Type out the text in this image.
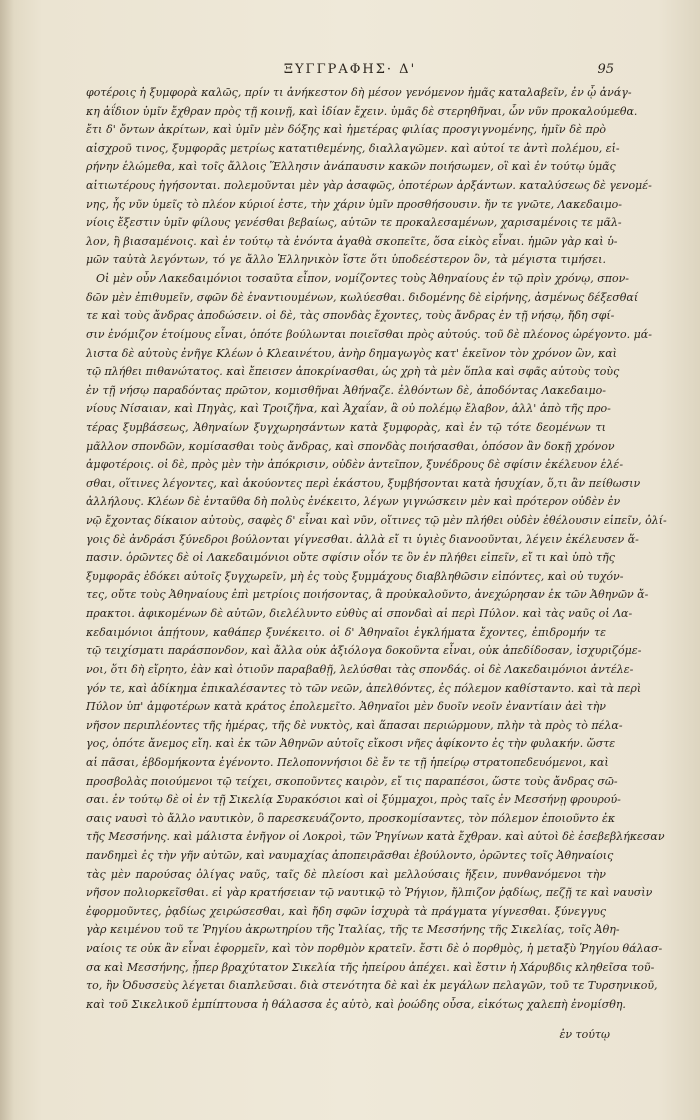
ΞΥΓΓΡΑΦΗΣ· Δ'	95
φοτέροις ἡ ξυμφορὰ καλῶς, πρίν τι ἀνήκεστον δὴ μέσον γενόμενον ἡμᾶς καταλαβεῖν, ἐν ᾧ ἀνάγ-
κη ἀΐδιον ὑμῖν ἔχθραν πρὸς τῇ κοινῇ, καὶ ἰδίαν ἔχειν. ὑμᾶς δὲ στερηθῆναι, ὧν νῦν προκαλούμεθα.
ἔτι δ' ὄντων ἀκρίτων, καὶ ὑμῖν μὲν δόξης καὶ ἡμετέρας φιλίας προσγιγνομένης, ἡμῖν δὲ πρὸ
αἰσχροῦ τινος, ξυμφορᾶς μετρίως κατατιθεμένης, διαλλαγῶμεν. καὶ αὐτοί τε ἀντὶ πολέμου, εἰ-
ρήνην ἑλώμεθα, καὶ τοῖς ἄλλοις Ἕλλησιν ἀνάπαυσιν κακῶν ποιήσωμεν, οἳ καὶ ἐν τούτῳ ὑμᾶς
αἰτιωτέρους ἡγήσονται. πολεμοῦνται μὲν γὰρ ἀσαφῶς, ὁποτέρων ἀρξάντων. καταλύσεως δὲ γενομέ-
νης, ἧς νῦν ὑμεῖς τὸ πλέον κύριοί ἐστε, τὴν χάριν ὑμῖν προσθήσουσιν. ἤν τε γνῶτε, Λακεδαιμο-
νίοις ἔξεστιν ὑμῖν φίλους γενέσθαι βεβαίως, αὐτῶν τε προκαλεσαμένων, χαρισαμένοις τε μᾶλ-
λον, ἢ βιασαμένοις. καὶ ἐν τούτῳ τὰ ἐνόντα ἀγαθὰ σκοπεῖτε, ὅσα εἰκὸς εἶναι. ἡμῶν γὰρ καὶ ὑ-
μῶν ταὐτὰ λεγόντων, τό γε ἄλλο Ἑλληνικὸν ἴστε ὅτι ὑποδεέστερον ὂν, τὰ μέγιστα τιμήσει.
Οἱ μὲν οὖν Λακεδαιμόνιοι τοσαῦτα εἶπον, νομίζοντες τοὺς Ἀθηναίους ἐν τῷ πρὶν χρόνῳ, σπον-
δῶν μὲν ἐπιθυμεῖν, σφῶν δὲ ἐναντιουμένων, κωλύεσθαι. διδομένης δὲ εἰρήνης, ἀσμένως δέξεσθαί
τε καὶ τοὺς ἄνδρας ἀποδώσειν. οἱ δὲ, τὰς σπονδὰς ἔχοντες, τοὺς ἄνδρας ἐν τῇ νήσῳ, ἤδη σφί-
σιν ἐνόμιζον ἑτοίμους εἶναι, ὁπότε βούλωνται ποιεῖσθαι πρὸς αὐτούς. τοῦ δὲ πλέονος ὠρέγοντο. μά-
λιστα δὲ αὐτοὺς ἐνῆγε Κλέων ὁ Κλεαινέτου, ἀνὴρ δημαγωγὸς κατ' ἐκεῖνον τὸν χρόνον ὢν, καὶ
τῷ πλήθει πιθανώτατος. καὶ ἔπεισεν ἀποκρίνασθαι, ὡς χρὴ τὰ μὲν ὅπλα καὶ σφᾶς αὐτοὺς τοὺς
ἐν τῇ νήσῳ παραδόντας πρῶτον, κομισθῆναι Ἀθήναζε. ἐλθόντων δὲ, ἀποδόντας Λακεδαιμο-
νίους Νίσαιαν, καὶ Πηγὰς, καὶ Τροιζῆνα, καὶ Ἀχαΐαν, ἃ οὐ πολέμῳ ἔλαβον, ἀλλ' ἀπὸ τῆς προ-
τέρας ξυμβάσεως, Ἀθηναίων ξυγχωρησάντων κατὰ ξυμφορὰς, καὶ ἐν τῷ τότε δεομένων τι
μᾶλλον σπονδῶν, κομίσασθαι τοὺς ἄνδρας, καὶ σπονδὰς ποιήσασθαι, ὁπόσον ἂν δοκῇ χρόνον
ἀμφοτέροις. οἱ δὲ, πρὸς μὲν τὴν ἀπόκρισιν, οὐδὲν ἀντεῖπον, ξυνέδρους δὲ σφίσιν ἐκέλευον ἑλέ-
σθαι, οἵτινες λέγοντες, καὶ ἀκούοντες περὶ ἑκάστου, ξυμβήσονται κατὰ ἡσυχίαν, ὅ,τι ἂν πείθωσιν
ἀλλήλους. Κλέων δὲ ἐνταῦθα δὴ πολὺς ἐνέκειτο, λέγων γιγνώσκειν μὲν καὶ πρότερον οὐδὲν ἐν
νῷ ἔχοντας δίκαιον αὐτοὺς, σαφὲς δ' εἶναι καὶ νῦν, οἵτινες τῷ μὲν πλήθει οὐδὲν ἐθέλουσιν εἰπεῖν, ὀλί-
γοις δὲ ἀνδράσι ξύνεδροι βούλονται γίγνεσθαι. ἀλλὰ εἴ τι ὑγιὲς διανοοῦνται, λέγειν ἐκέλευσεν ἅ-
πασιν. ὁρῶντες δὲ οἱ Λακεδαιμόνιοι οὔτε σφίσιν οἷόν τε ὂν ἐν πλήθει εἰπεῖν, εἴ τι καὶ ὑπὸ τῆς
ξυμφορᾶς ἐδόκει αὐτοῖς ξυγχωρεῖν, μὴ ἐς τοὺς ξυμμάχους διαβληθῶσιν εἰπόντες, καὶ οὐ τυχόν-
τες, οὔτε τοὺς Ἀθηναίους ἐπὶ μετρίοις ποιήσοντας, ἃ προὐκαλοῦντο, ἀνεχώρησαν ἐκ τῶν Ἀθηνῶν ἄ-
πρακτοι. ἀφικομένων δὲ αὐτῶν, διελέλυντο εὐθὺς αἱ σπονδαὶ αἱ περὶ Πύλον. καὶ τὰς ναῦς οἱ Λα-
κεδαιμόνιοι ἀπῄτουν, καθάπερ ξυνέκειτο. οἱ δ' Ἀθηναῖοι ἐγκλήματα ἔχοντες, ἐπιδρομήν τε
τῷ τειχίσματι παράσπονδον, καὶ ἄλλα οὐκ ἀξιόλογα δοκοῦντα εἶναι, οὐκ ἀπεδίδοσαν, ἰσχυριζόμε-
νοι, ὅτι δὴ εἴρητο, ἐὰν καὶ ὁτιοῦν παραβαθῇ, λελύσθαι τὰς σπονδάς. οἱ δὲ Λακεδαιμόνιοι ἀντέλε-
γόν τε, καὶ ἀδίκημα ἐπικαλέσαντες τὸ τῶν νεῶν, ἀπελθόντες, ἐς πόλεμον καθίσταντο. καὶ τὰ περὶ
Πύλον ὑπ' ἀμφοτέρων κατὰ κράτος ἐπολεμεῖτο. Ἀθηναῖοι μὲν δυοῖν νεοῖν ἐναντίαιν ἀεὶ τὴν
νῆσον περιπλέοντες τῆς ἡμέρας, τῆς δὲ νυκτὸς, καὶ ἅπασαι περιώρμουν, πλὴν τὰ πρὸς τὸ πέλα-
γος, ὁπότε ἄνεμος εἴη. καὶ ἐκ τῶν Ἀθηνῶν αὐτοῖς εἴκοσι νῆες ἀφίκοντο ἐς τὴν φυλακήν. ὥστε
αἱ πᾶσαι, ἑβδομήκοντα ἐγένοντο. Πελοποννήσιοι δὲ ἔν τε τῇ ἠπείρῳ στρατοπεδευόμενοι, καὶ
προσβολὰς ποιούμενοι τῷ τείχει, σκοποῦντες καιρὸν, εἴ τις παραπέσοι, ὥστε τοὺς ἄνδρας σῶ-
σαι. ἐν τούτῳ δὲ οἱ ἐν τῇ Σικελίᾳ Συρακόσιοι καὶ οἱ ξύμμαχοι, πρὸς ταῖς ἐν Μεσσήνῃ φρουρού-
σαις ναυσὶ τὸ ἄλλο ναυτικὸν, ὃ παρεσκευάζοντο, προσκομίσαντες, τὸν πόλεμον ἐποιοῦντο ἐκ
τῆς Μεσσήνης. καὶ μάλιστα ἐνῆγον οἱ Λοκροὶ, τῶν Ῥηγίνων κατὰ ἔχθραν. καὶ αὐτοὶ δὲ ἐσεβεβλήκεσαν
πανδημεὶ ἐς τὴν γῆν αὐτῶν, καὶ ναυμαχίας ἀποπειρᾶσθαι ἐβούλοντο, ὁρῶντες τοῖς Ἀθηναίοις
τὰς μὲν παρούσας ὀλίγας ναῦς, ταῖς δὲ πλείοσι καὶ μελλούσαις ἥξειν, πυνθανόμενοι τὴν
νῆσον πολιορκεῖσθαι. εἰ γὰρ κρατήσειαν τῷ ναυτικῷ τὸ Ῥήγιον, ἤλπιζον ῥᾳδίως, πεζῇ τε καὶ ναυσὶν
ἐφορμοῦντες, ῥᾳδίως χειρώσεσθαι, καὶ ἤδη σφῶν ἰσχυρὰ τὰ πράγματα γίγνεσθαι. ξύνεγγυς
γὰρ κειμένου τοῦ τε Ῥηγίου ἀκρωτηρίου τῆς Ἰταλίας, τῆς τε Μεσσήνης τῆς Σικελίας, τοῖς Ἀθη-
ναίοις τε οὐκ ἂν εἶναι ἐφορμεῖν, καὶ τὸν πορθμὸν κρατεῖν. ἔστι δὲ ὁ πορθμὸς, ἡ μεταξὺ Ῥηγίου θάλασ-
σα καὶ Μεσσήνης, ᾗπερ βραχύτατον Σικελία τῆς ἠπείρου ἀπέχει. καὶ ἔστιν ἡ Χάρυβδις κληθεῖσα τοῦ-
το, ἣν Ὀδυσσεὺς λέγεται διαπλεῦσαι. διὰ στενότητα δὲ καὶ ἐκ μεγάλων πελαγῶν, τοῦ τε Τυρσηνικοῦ,
καὶ τοῦ Σικελικοῦ ἐμπίπτουσα ἡ θάλασσα ἐς αὐτὸ, καὶ ῥοώδης οὖσα, εἰκότως χαλεπὴ ἐνομίσθη.
ἐν τούτῳ
